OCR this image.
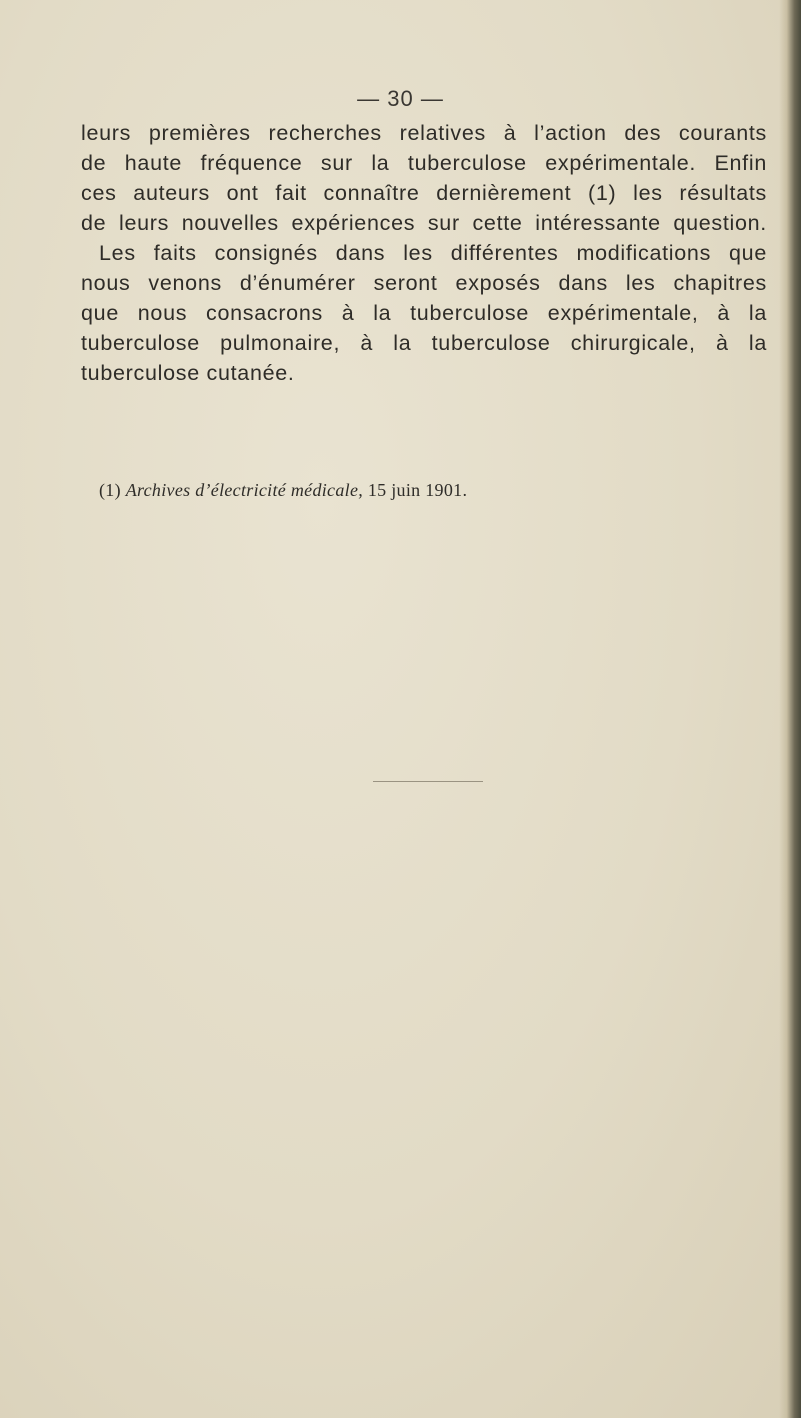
— 30 —
leurs premières recherches relatives à l’action des courants
de haute fréquence sur la tuberculose expérimentale. Enfin
ces auteurs ont fait connaître dernièrement (1) les résultats
de leurs nouvelles expériences sur cette intéressante question.
Les faits consignés dans les différentes modifications que
nous venons d’énumérer seront exposés dans les chapitres
que nous consacrons à la tuberculose expérimentale, à la
tuberculose pulmonaire, à la tuberculose chirurgicale, à la
tuberculose cutanée.
(1) Archives d’électricité médicale, 15 juin 1901.
